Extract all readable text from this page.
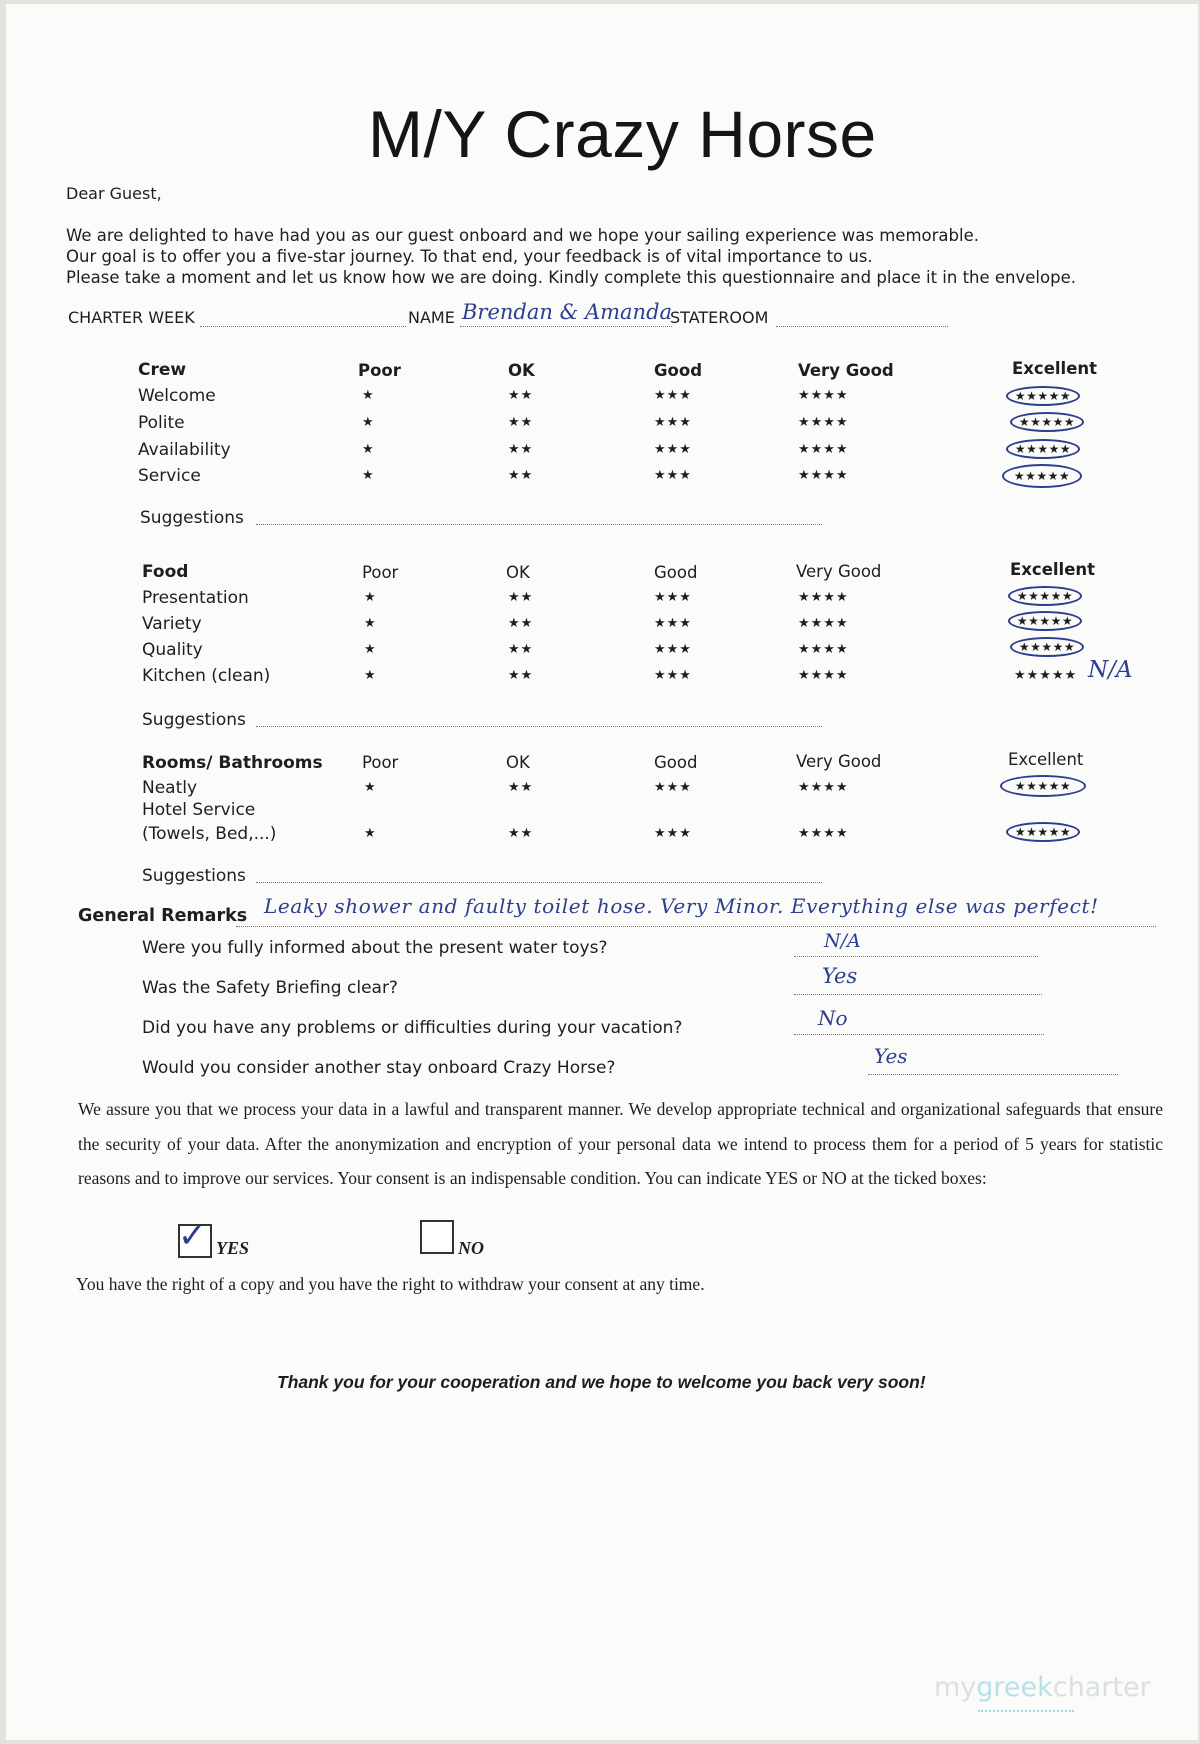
M/Y Crazy Horse
Dear Guest,
We are delighted to have had you as our guest onboard and we hope your sailing experience was memorable.
Our goal is to offer you a five-star journey. To that end, your feedback is of vital importance to us.
Please take a moment and let us know how we are doing. Kindly complete this questionnaire and place it in the envelope.
CHARTER WEEK	NAME Brendan & Amanda
STATEROOM
Crew	Poor	OK	Good	Very Good	Excellent
Welcome	★	★★	★★★	★★★★	★★★★★
Polite	★	★★	★★★	★★★★	★★★★★
Availability	★	★★	★★★	★★★★	★★★★★
Service	★	★★	★★★	★★★★	★★★★★
Suggestions
Food	Poor	OK	Good	Very Good	Excellent
Presentation	★	★★	★★★	★★★★	★★★★★
Variety	★	★★	★★★	★★★★	★★★★★
Quality	★	★★	★★★	★★★★	★★★★★
Kitchen (clean)	★	★★	★★★	★★★★	★★★★★ N/A
Suggestions
Rooms/ Bathrooms Poor	OK	Good	Very Good	Excellent
Neatly	★	★★	★★★	★★★★	★★★★★
Hotel Service
(Towels, Bed,...)	★	★★	★★★	★★★★	★★★★★
Suggestions
General Remarks Leaky shower and faulty toilet hose. Very Minor. Everything else was perfect!
Were you fully informed about the present water toys?	N/A
Was the Safety Briefing clear?	Yes
Did you have any problems or difficulties during your vacation?	No
Would you consider another stay onboard Crazy Horse?	Yes
We assure you that we process your data in a lawful and transparent manner. We develop appropriate technical and organizational safeguards that ensure the security of your data. After the anonymization and encryption of your personal data we intend to process them for a period of 5 years for statistic reasons and to improve our services. Your consent is an indispensable condition. You can indicate YES or NO at the ticked boxes:
✓ YES	NO
You have the right of a copy and you have the right to withdraw your consent at any time.
Thank you for your cooperation and we hope to welcome you back very soon!
mygreekcharter
